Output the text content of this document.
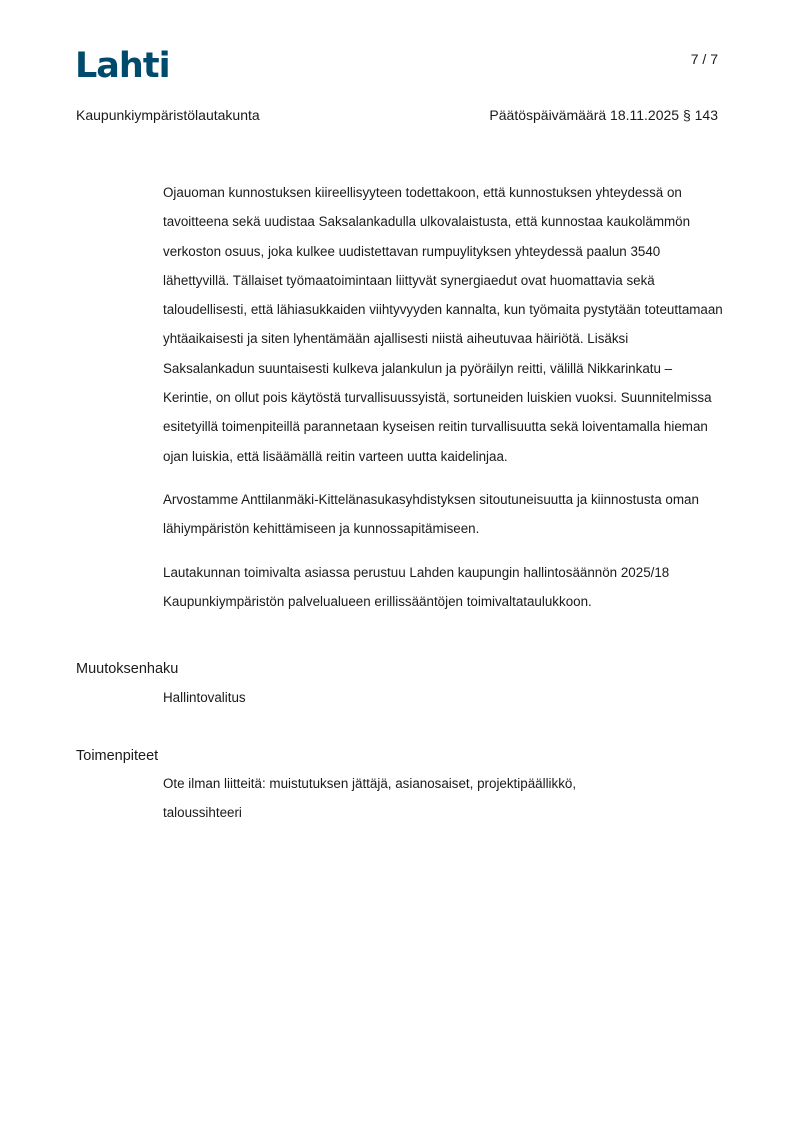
Lahti	7 / 7
Kaupunkiympäristölautakunta	Päätöspäivämäärä 18.11.2025 § 143

Ojauoman kunnostuksen kiireellisyyteen todettakoon, että kunnostuksen yhteydessä on tavoitteena sekä uudistaa Saksalankadulla ulkovalaistusta, että kunnostaa kaukolämmön verkoston osuus, joka kulkee uudistettavan rumpuylityksen yhteydessä paalun 3540 lähettyvillä. Tällaiset työmaatoimintaan liittyvät synergiaedut ovat huomattavia sekä taloudellisesti, että lähiasukkaiden viihtyvyyden kannalta, kun työmaita pystytään toteuttamaan yhtäaikaisesti ja siten lyhentämään ajallisesti niistä aiheutuvaa häiriötä. Lisäksi Saksalankadun suuntaisesti kulkeva jalankulun ja pyöräilyn reitti, välillä Nikkarinkatu – Kerintie, on ollut pois käytöstä turvallisuussyistä, sortuneiden luiskien vuoksi. Suunnitelmissa esitetyillä toimenpiteillä parannetaan kyseisen reitin turvallisuutta sekä loiventamalla hieman ojan luiskia, että lisäämällä reitin varteen uutta kaidelinjaa.

Arvostamme Anttilanmäki-Kittelänasukasyhdistyksen sitoutuneisuutta ja kiinnostusta oman lähiympäristön kehittämiseen ja kunnossapitämiseen.

Lautakunnan toimivalta asiassa perustuu Lahden kaupungin hallintosäännön 2025/18 Kaupunkiympäristön palvelualueen erillissääntöjen toimivaltataulukkoon.

Muutoksenhaku
Hallintovalitus
Toimenpiteet
Ote ilman liitteitä: muistutuksen jättäjä, asianosaiset, projektipäällikkö, taloussihteeri
